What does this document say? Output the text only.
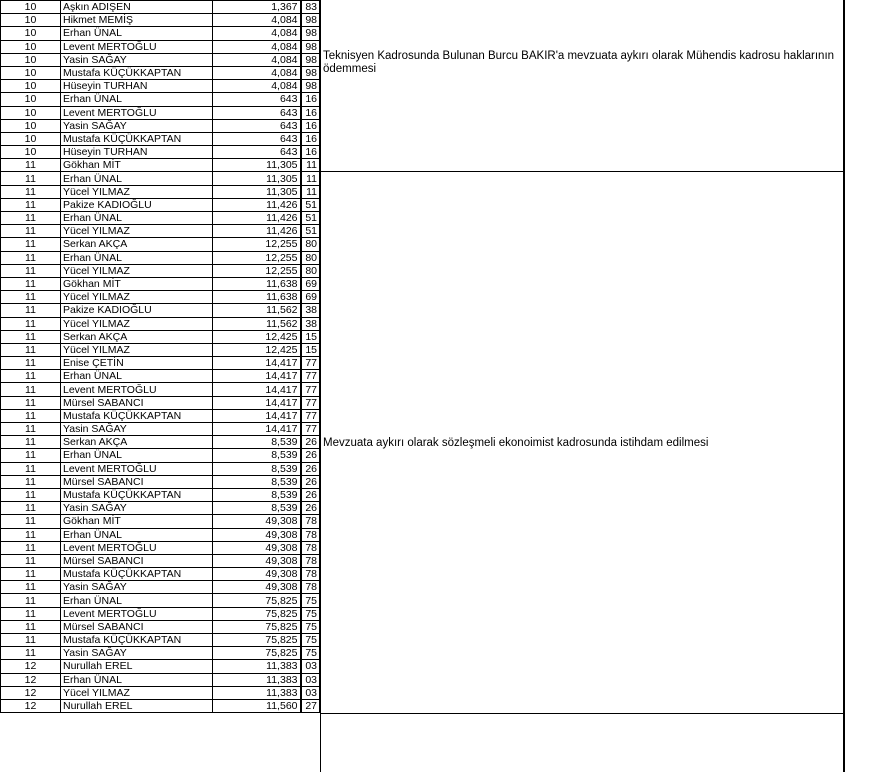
10	Aşkın ADIŞEN	1,367	83
10	Hikmet MEMİŞ	4,084	98
10	Erhan ÜNAL	4,084	98
10	Levent MERTOĞLU	4,084	98
10	Yasin SAĞAY	4,084	98
10	Mustafa KÜÇÜKKAPTAN	4,084	98
10	Hüseyin TURHAN	4,084	98
10	Erhan ÜNAL	643	16
10	Levent MERTOĞLU	643	16
10	Yasin SAĞAY	643	16
10	Mustafa KÜÇÜKKAPTAN	643	16
10	Hüseyin TURHAN	643	16
11	Gökhan MİT	11,305	11
11	Erhan ÜNAL	11,305	11
11	Yücel YILMAZ	11,305	11
11	Pakize KADIOĞLU	11,426	51
11	Erhan ÜNAL	11,426	51
11	Yücel YILMAZ	11,426	51
11	Serkan AKÇA	12,255	80
11	Erhan ÜNAL	12,255	80
11	Yücel YILMAZ	12,255	80
11	Gökhan MİT	11,638	69
11	Yücel YILMAZ	11,638	69
11	Pakize KADIOĞLU	11,562	38
11	Yücel YILMAZ	11,562	38
11	Serkan AKÇA	12,425	15
11	Yücel YILMAZ	12,425	15
11	Enise ÇETİN	14,417	77
11	Erhan ÜNAL	14,417	77
11	Levent MERTOĞLU	14,417	77
11	Mürsel SABANCI	14,417	77
11	Mustafa KÜÇÜKKAPTAN	14,417	77
11	Yasin SAĞAY	14,417	77
11	Serkan AKÇA	8,539	26
11	Erhan ÜNAL	8,539	26
11	Levent MERTOĞLU	8,539	26
11	Mürsel SABANCI	8,539	26
11	Mustafa KÜÇÜKKAPTAN	8,539	26
11	Yasin SAĞAY	8,539	26
11	Gökhan MİT	49,308	78
11	Erhan ÜNAL	49,308	78
11	Levent MERTOĞLU	49,308	78
11	Mürsel SABANCI	49,308	78
11	Mustafa KÜÇÜKKAPTAN	49,308	78
11	Yasin SAĞAY	49,308	78
11	Erhan ÜNAL	75,825	75
11	Levent MERTOĞLU	75,825	75
11	Mürsel SABANCI	75,825	75
11	Mustafa KÜÇÜKKAPTAN	75,825	75
11	Yasin SAĞAY	75,825	75
12	Nurullah EREL	11,383	03
12	Erhan ÜNAL	11,383	03
12	Yücel YILMAZ	11,383	03
12	Nurullah EREL	11,560	27
Teknisyen Kadrosunda Bulunan Burcu BAKIR'a mevzuata aykırı olarak Mühendis kadrosu haklarının ödemmesi
Mevzuata aykırı olarak sözleşmeli ekonoimist kadrosunda istihdam edilmesi
